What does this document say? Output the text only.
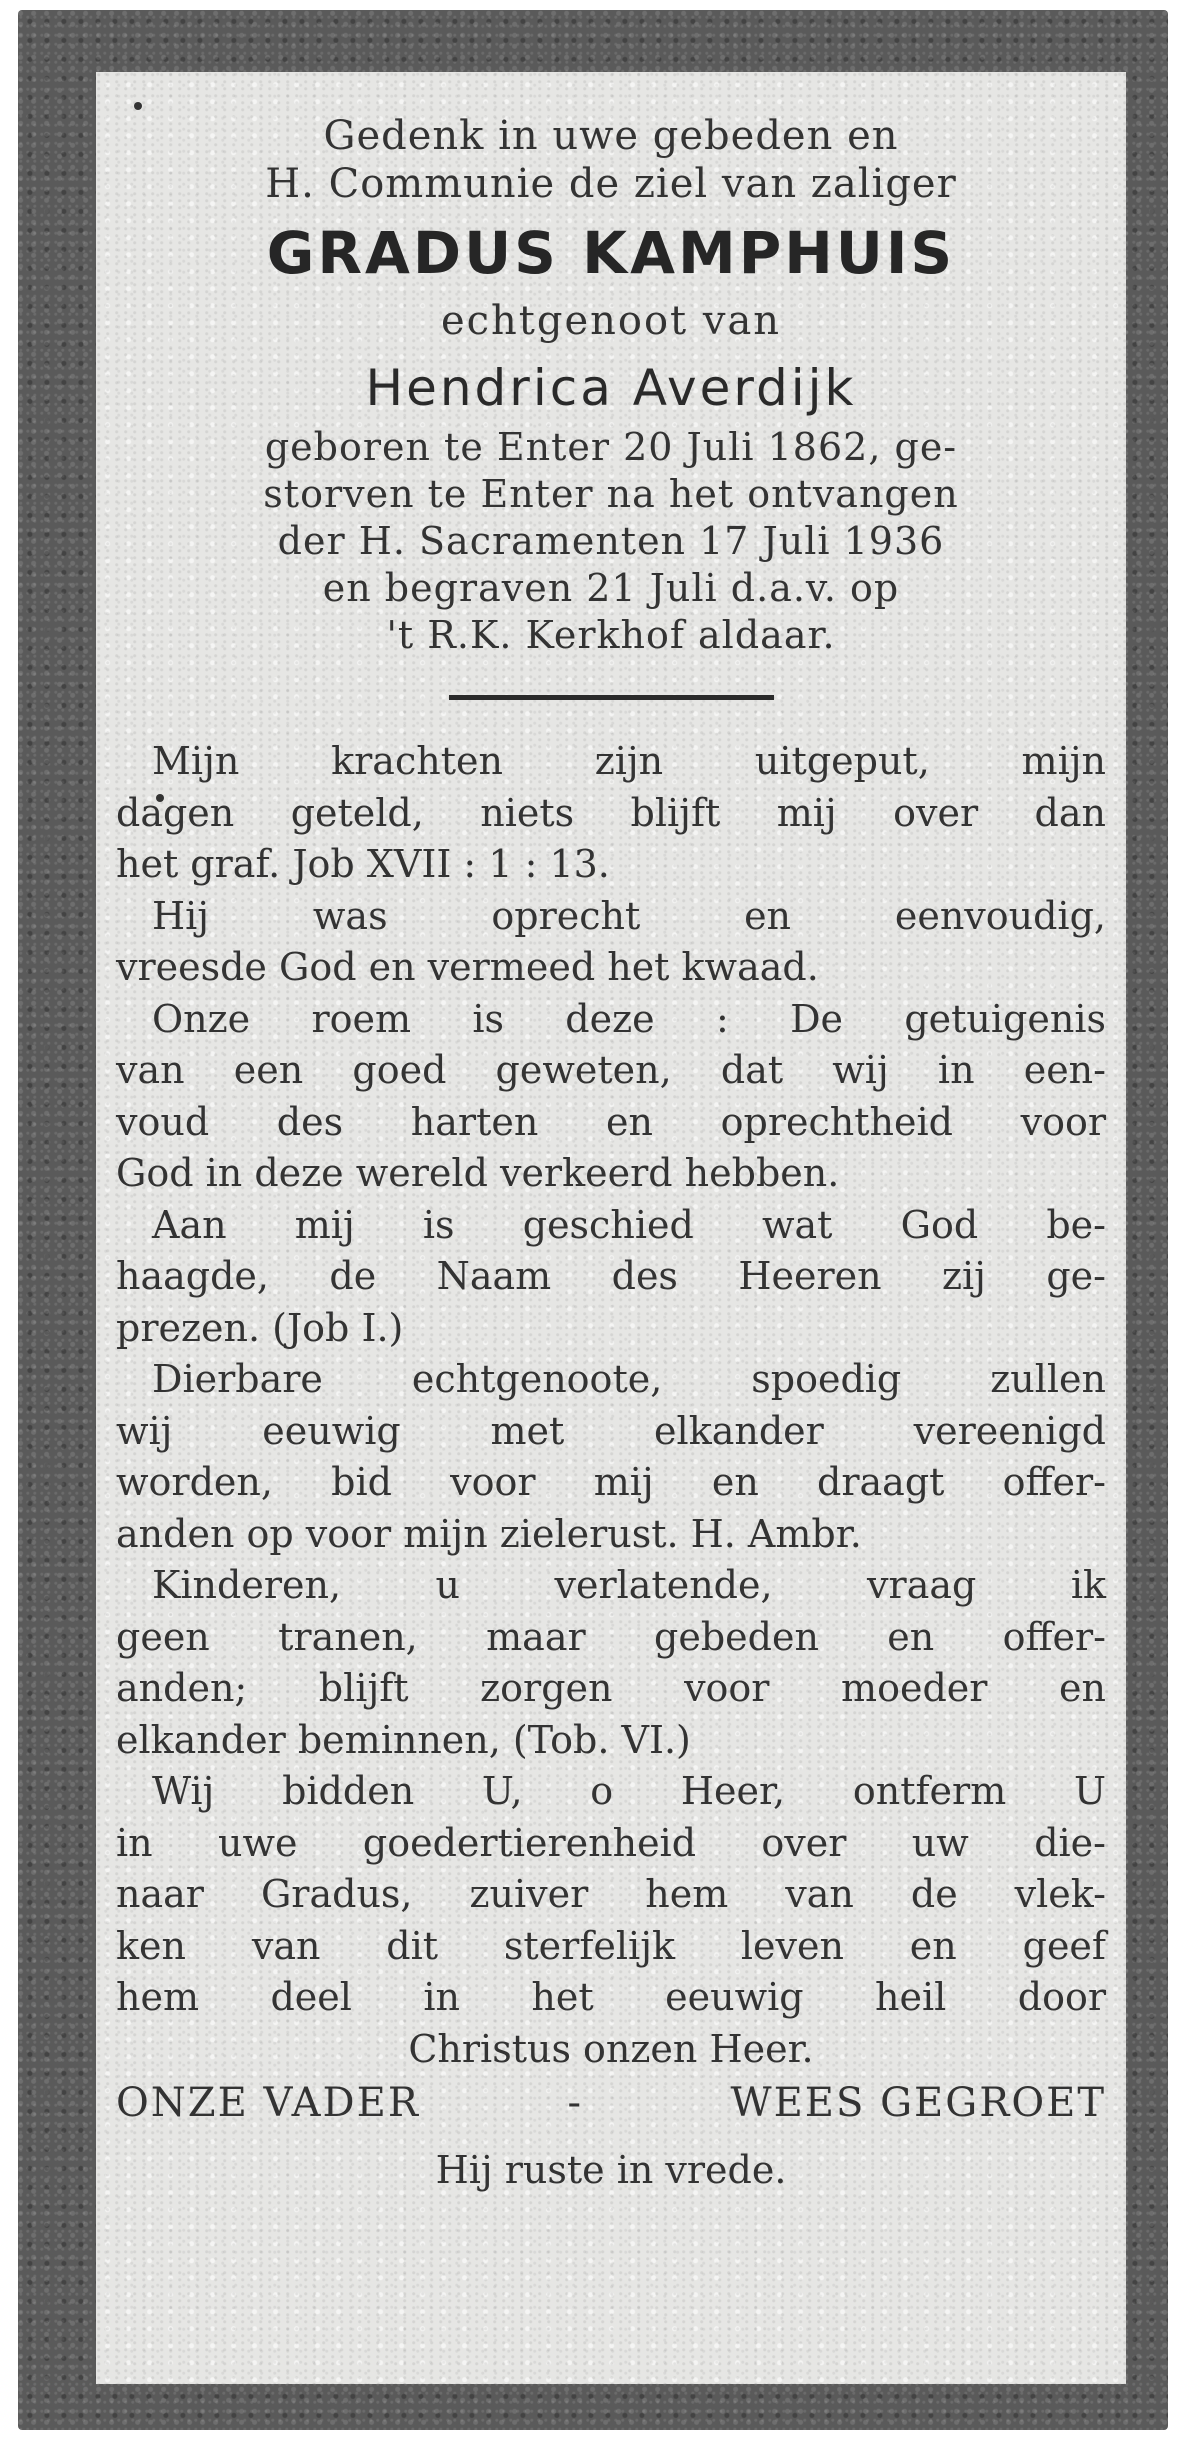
Gedenk in uwe gebeden en
H. Communie de ziel van zaliger
GRADUS KAMPHUIS
echtgenoot van
Hendrica Averdijk
geboren te Enter 20 Juli 1862, ge-
storven te Enter na het ontvangen
der H. Sacramenten 17 Juli 1936
en begraven 21 Juli d.a.v. op
't R.K. Kerkhof aldaar.
Mijn krachten zijn uitgeput, mijn
dagen geteld, niets blijft mij over dan
het graf. Job XVII : 1 : 13.
Hij was oprecht en eenvoudig,
vreesde God en vermeed het kwaad.
Onze roem is deze : De getuigenis
van een goed geweten, dat wij in een-
voud des harten en oprechtheid voor
God in deze wereld verkeerd hebben.
Aan mij is geschied wat God be-
haagde, de Naam des Heeren zij ge-
prezen. (Job I.)
Dierbare echtgenoote, spoedig zullen
wij eeuwig met elkander vereenigd
worden, bid voor mij en draagt offer-
anden op voor mijn zielerust. H. Ambr.
Kinderen, u verlatende, vraag ik
geen tranen, maar gebeden en offer-
anden; blijft zorgen voor moeder en
elkander beminnen, (Tob. VI.)
Wij bidden U, o Heer, ontferm U
in uwe goedertierenheid over uw die-
naar Gradus, zuiver hem van de vlek-
ken van dit sterfelijk leven en geef
hem deel in het eeuwig heil door
Christus onzen Heer.
ONZE VADER	-	WEES GEGROET
Hij ruste in vrede.
